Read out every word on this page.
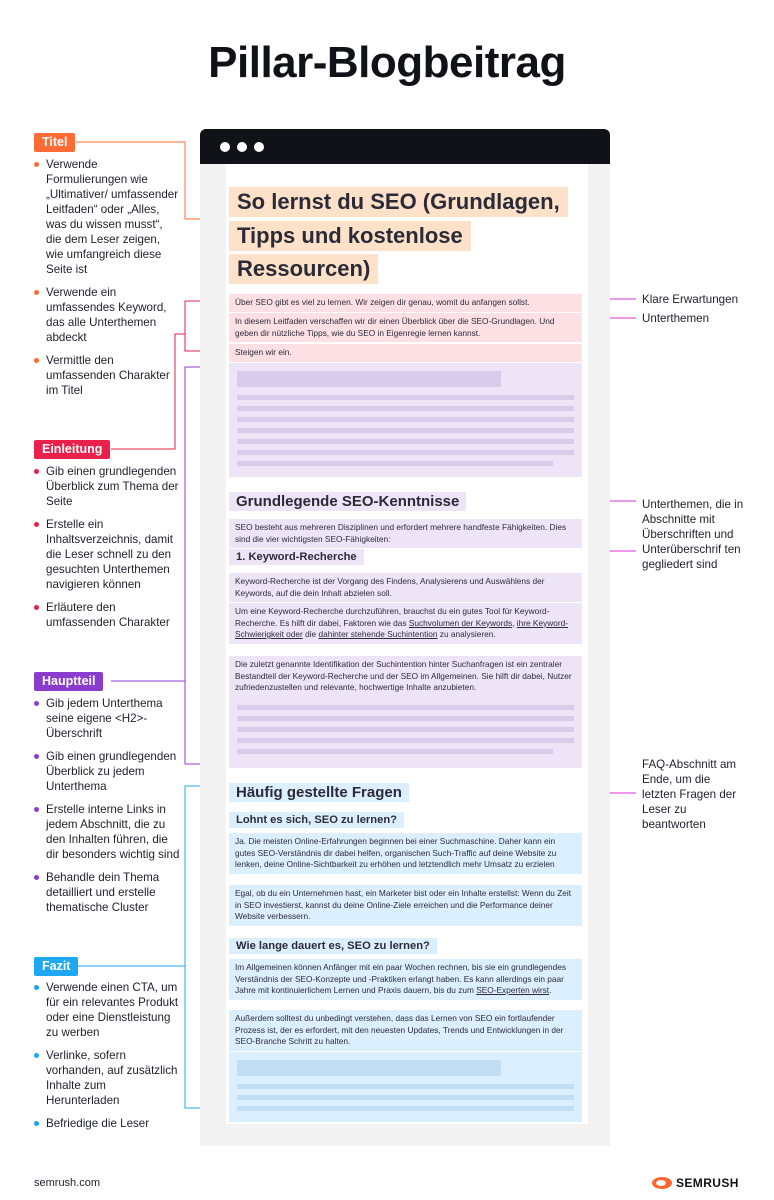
Pillar-Blogbeitrag
Titel
Verwende Formulierungen wie „Ultimativer/ umfassender Leitfaden“ oder „Alles, was du wissen musst“, die dem Leser zeigen, wie umfangreich diese Seite ist
Verwende ein umfassendes Keyword, das alle Unterthemen abdeckt
Vermittle den umfassenden Charakter im Titel
Einleitung
Gib einen grundlegenden Überblick zum Thema der Seite
Erstelle ein Inhaltsverzeichnis, damit die Leser schnell zu den gesuchten Unterthemen navigieren können
Erläutere den umfassenden Charakter
Hauptteil
Gib jedem Unterthema seine eigene <H2>-Überschrift
Gib einen grundlegenden Überblick zu jedem Unterthema
Erstelle interne Links in jedem Abschnitt, die zu den Inhalten führen, die dir besonders wichtig sind
Behandle dein Thema detailliert und erstelle thematische Cluster
Fazit
Verwende einen CTA, um für ein relevantes Produkt oder eine Dienstleistung zu werben
Verlinke, sofern vorhanden, auf zusätzlich Inhalte zum Herunterladen
Befriedige die Leser
Klare Erwartungen
Unterthemen
Unterthemen, die in Abschnitte mit Überschriften und Unterüberschrif ten gegliedert sind
FAQ-Abschnitt am Ende, um die letzten Fragen der Leser zu beantworten
So lernst du SEO (Grundlagen,
Tipps und kostenlose
Ressourcen)
Über SEO gibt es viel zu lernen. Wir zeigen dir genau, womit du anfangen sollst.
In diesem Leitfaden verschaffen wir dir einen Überblick über die SEO-Grundlagen. Und geben dir nützliche Tipps, wie du SEO in Eigenregie lernen kannst.
Steigen wir ein.
Grundlegende SEO-Kenntnisse
SEO besteht aus mehreren Disziplinen und erfordert mehrere handfeste Fähigkeiten. Dies sind die vier wichtigsten SEO-Fähigkeiten:
1. Keyword-Recherche
Keyword-Recherche ist der Vorgang des Findens, Analysierens und Auswählens der Keywords, auf die dein Inhalt abzielen soll.
Um eine Keyword-Recherche durchzuführen, brauchst du ein gutes Tool für Keyword-Recherche. Es hilft dir dabei, Faktoren wie das Suchvolumen der Keywords, ihre Keyword-Schwierigkeit oder die dahinter stehende Suchintention zu analysieren.
Die zuletzt genannte Identifikation der Suchintention hinter Suchanfragen ist ein zentraler Bestandteil der Keyword-Recherche und der SEO im Allgemeinen. Sie hilft dir dabei, Nutzer zufriedenzustellen und relevante, hochwertige Inhalte anzubieten.
Häufig gestellte Fragen
Lohnt es sich, SEO zu lernen?
Ja. Die meisten Online-Erfahrungen beginnen bei einer Suchmaschine. Daher kann ein gutes SEO-Verständnis dir dabei helfen, organischen Such-Traffic auf deine Website zu lenken, deine Online-Sichtbarkeit zu erhöhen und letztendlich mehr Umsatz zu erzielen
Egal, ob du ein Unternehmen hast, ein Marketer bist oder ein Inhalte erstellst: Wenn du Zeit in SEO investierst, kannst du deine Online-Ziele erreichen und die Performance deiner Website verbessern.
Wie lange dauert es, SEO zu lernen?
Im Allgemeinen können Anfänger mit ein paar Wochen rechnen, bis sie ein grundlegendes Verständnis der SEO-Konzepte und -Praktiken erlangt haben. Es kann allerdings ein paar Jahre mit kontinuierlichem Lernen und Praxis dauern, bis du zum SEO-Experten wirst.
Außerdem solltest du unbedingt verstehen, dass das Lernen von SEO ein fortlaufender Prozess ist, der es erfordert, mit den neuesten Updates, Trends und Entwicklungen in der SEO-Branche Schritt zu halten.
semrush.com	SEMRUSH
